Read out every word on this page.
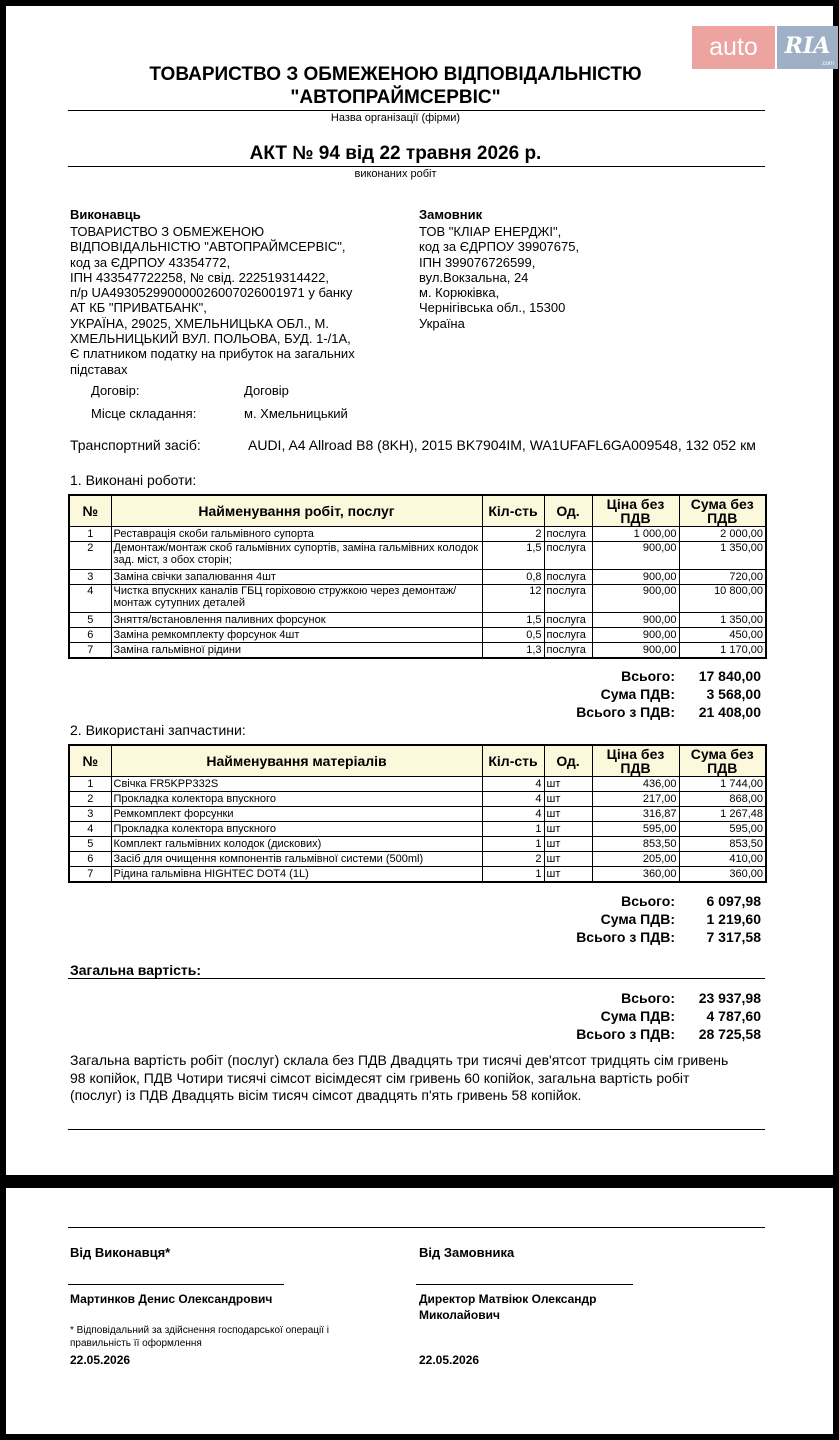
auto	RIA
.com
ТОВАРИСТВО З ОБМЕЖЕНОЮ ВІДПОВІДАЛЬНІСТЮ
"АВТОПРАЙМСЕРВІС"
Назва організації (фірми)
АКТ № 94 від 22 травня 2026 р.
виконаних робіт
Виконавць
ТОВАРИСТВО З ОБМЕЖЕНОЮ
ВІДПОВІДАЛЬНІСТЮ "АВТОПРАЙМСЕРВІС",
код за ЄДРПОУ 43354772,
ІПН 433547722258, № свід. 222519314422,
п/р UA493052990000026007026001971 у банку
АТ КБ "ПРИВАТБАНК",
УКРАЇНА, 29025, ХМЕЛЬНИЦЬКА ОБЛ., М.
ХМЕЛЬНИЦЬКИЙ ВУЛ. ПОЛЬОВА, БУД. 1-/1А,
Є платником податку на прибуток на загальних
підставах
Замовник
ТОВ "КЛІАР ЕНЕРДЖІ",
код за ЄДРПОУ 39907675,
ІПН 399076726599,
вул.Вокзальна, 24
м. Корюківка,
Чернігівська обл., 15300
Україна
Договір:	Договір
Місце складання:	м. Хмельницький
Транспортний засіб:	AUDI, A4 Allroad B8 (8KH), 2015 BK7904IM, WA1UFAFL6GA009548, 132 052 км
1. Виконані роботи:
№	Найменування робіт, послуг	Кіл-сть	Од.	Ціна без ПДВ	Сума без ПДВ
1	Реставрація скоби гальмівного супорта	2	послуга	1 000,00	2 000,00
2	Демонтаж/монтаж скоб гальмівних супортів, заміна гальмівних колодок зад. міст, з обох сторін;	1,5	послуга	900,00	1 350,00
3	Заміна свічки запалювання 4шт	0,8	послуга	900,00	720,00
4	Чистка впускних каналів ГБЦ горіховою стружкою через демонтаж/монтаж сутупних деталей	12	послуга	900,00	10 800,00
5	Зняття/встановлення паливних форсунок	1,5	послуга	900,00	1 350,00
6	Заміна ремкомплекту форсунок 4шт	0,5	послуга	900,00	450,00
7	Заміна гальмівної рідини	1,3	послуга	900,00	1 170,00
Всього:	17 840,00
Сума ПДВ:	3 568,00
Всього з ПДВ:	21 408,00
2. Використані запчастини:
№	Найменування матеріалів	Кіл-сть	Од.	Ціна без ПДВ	Сума без ПДВ
1	Свічка FR5KPP332S	4	шт	436,00	1 744,00
2	Прокладка колектора впускного	4	шт	217,00	868,00
3	Ремкомплект форсунки	4	шт	316,87	1 267,48
4	Прокладка колектора впускного	1	шт	595,00	595,00
5	Комплект гальмівних колодок (дискових)	1	шт	853,50	853,50
6	Засіб для очищення компонентів гальмівної системи (500ml)	2	шт	205,00	410,00
7	Рідина гальмівна HIGHTEC DOT4 (1L)	1	шт	360,00	360,00
Всього:	6 097,98
Сума ПДВ:	1 219,60
Всього з ПДВ:	7 317,58
Загальна вартість:
Всього:	23 937,98
Сума ПДВ:	4 787,60
Всього з ПДВ:	28 725,58
Загальна вартість робіт (послуг) склала без ПДВ Двадцять три тисячі дев'ятсот тридцять сім гривень
98 копійок, ПДВ Чотири тисячі сімсот вісімдесят сім гривень 60 копійок, загальна вартість робіт
(послуг) із ПДВ Двадцять вісім тисяч сімсот двадцять п'ять гривень 58 копійок.
Від Виконавця*	Від Замовника
Мартинков Денис Олександрович	Директор Матвіюк Олександр
Миколайович
* Відповідальний за здійснення господарської операції і
правильність її оформлення
22.05.2026	22.05.2026
